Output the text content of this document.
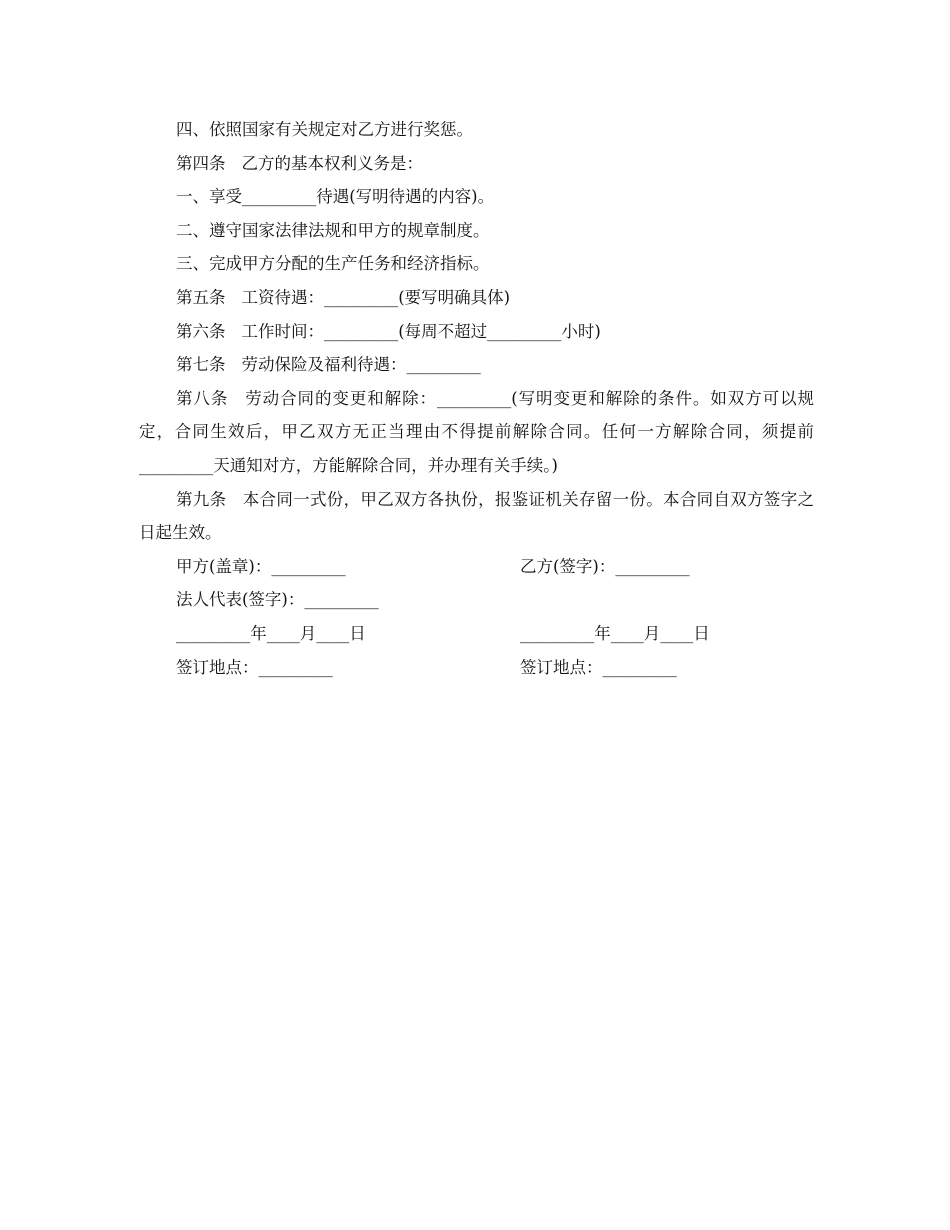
四、依照国家有关规定对乙方进行奖惩。

第四条 乙方的基本权利义务是：

一、享受_________待遇(写明待遇的内容)。

二、遵守国家法律法规和甲方的规章制度。

三、完成甲方分配的生产任务和经济指标。

第五条 工资待遇：_________(要写明确具体)

第六条 工作时间：_________(每周不超过_________小时)

第七条 劳动保险及福利待遇：_________

第八条 劳动合同的变更和解除：_________(写明变更和解除的条件。如双方可以规定，合同生效后，甲乙双方无正当理由不得提前解除合同。任何一方解除合同，须提前_________天通知对方，方能解除合同，并办理有关手续。)

第九条 本合同一式份，甲乙双方各执份，报鉴证机关存留一份。本合同自双方签字之日起生效。

甲方(盖章)：_________	乙方(签字)：_________
法人代表(签字)：_________
_________年____月____日	_________年____月____日
签订地点：_________	签订地点：_________
